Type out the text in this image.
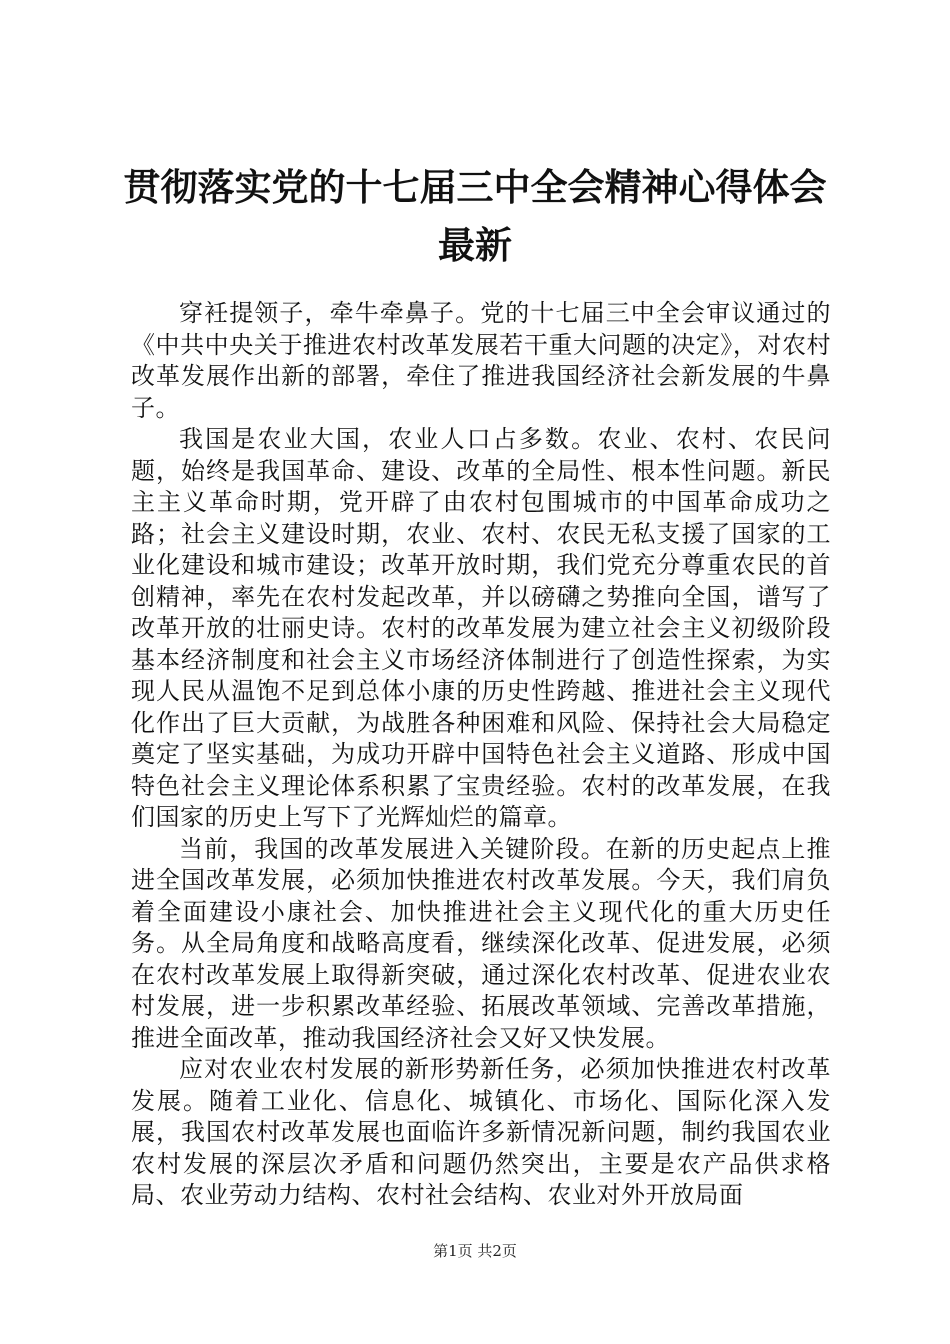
贯彻落实党的十七届三中全会精神心得体会最新

穿衽提领子，牵牛牵鼻子。党的十七届三中全会审议通过的《中共中央关于推进农村改革发展若干重大问题的决定》，对农村改革发展作出新的部署，牵住了推进我国经济社会新发展的牛鼻子。

我国是农业大国，农业人口占多数。农业、农村、农民问题，始终是我国革命、建设、改革的全局性、根本性问题。新民主主义革命时期，党开辟了由农村包围城市的中国革命成功之路；社会主义建设时期，农业、农村、农民无私支援了国家的工业化建设和城市建设；改革开放时期，我们党充分尊重农民的首创精神，率先在农村发起改革，并以磅礴之势推向全国，谱写了改革开放的壮丽史诗。农村的改革发展为建立社会主义初级阶段基本经济制度和社会主义市场经济体制进行了创造性探索，为实现人民从温饱不足到总体小康的历史性跨越、推进社会主义现代化作出了巨大贡献，为战胜各种困难和风险、保持社会大局稳定奠定了坚实基础，为成功开辟中国特色社会主义道路、形成中国特色社会主义理论体系积累了宝贵经验。农村的改革发展，在我们国家的历史上写下了光辉灿烂的篇章。

当前，我国的改革发展进入关键阶段。在新的历史起点上推进全国改革发展，必须加快推进农村改革发展。今天，我们肩负着全面建设小康社会、加快推进社会主义现代化的重大历史任务。从全局角度和战略高度看，继续深化改革、促进发展，必须在农村改革发展上取得新突破，通过深化农村改革、促进农业农村发展，进一步积累改革经验、拓展改革领域、完善改革措施，推进全面改革，推动我国经济社会又好又快发展。

应对农业农村发展的新形势新任务，必须加快推进农村改革发展。随着工业化、信息化、城镇化、市场化、国际化深入发展，我国农村改革发展也面临许多新情况新问题，制约我国农业农村发展的深层次矛盾和问题仍然突出，主要是农产品供求格局、农业劳动力结构、农村社会结构、农业对外开放局面

第1页 共2页
